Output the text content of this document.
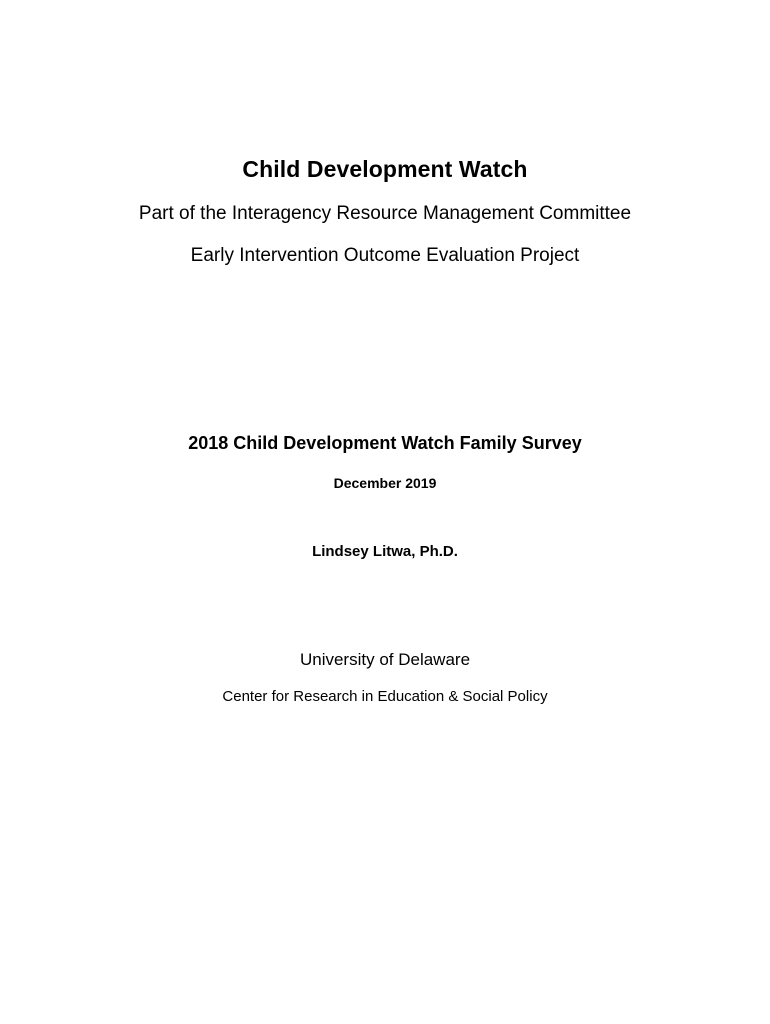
Child Development Watch

Part of the Interagency Resource Management Committee

Early Intervention Outcome Evaluation Project

2018 Child Development Watch Family Survey

December 2019

Lindsey Litwa, Ph.D.

University of Delaware

Center for Research in Education & Social Policy
